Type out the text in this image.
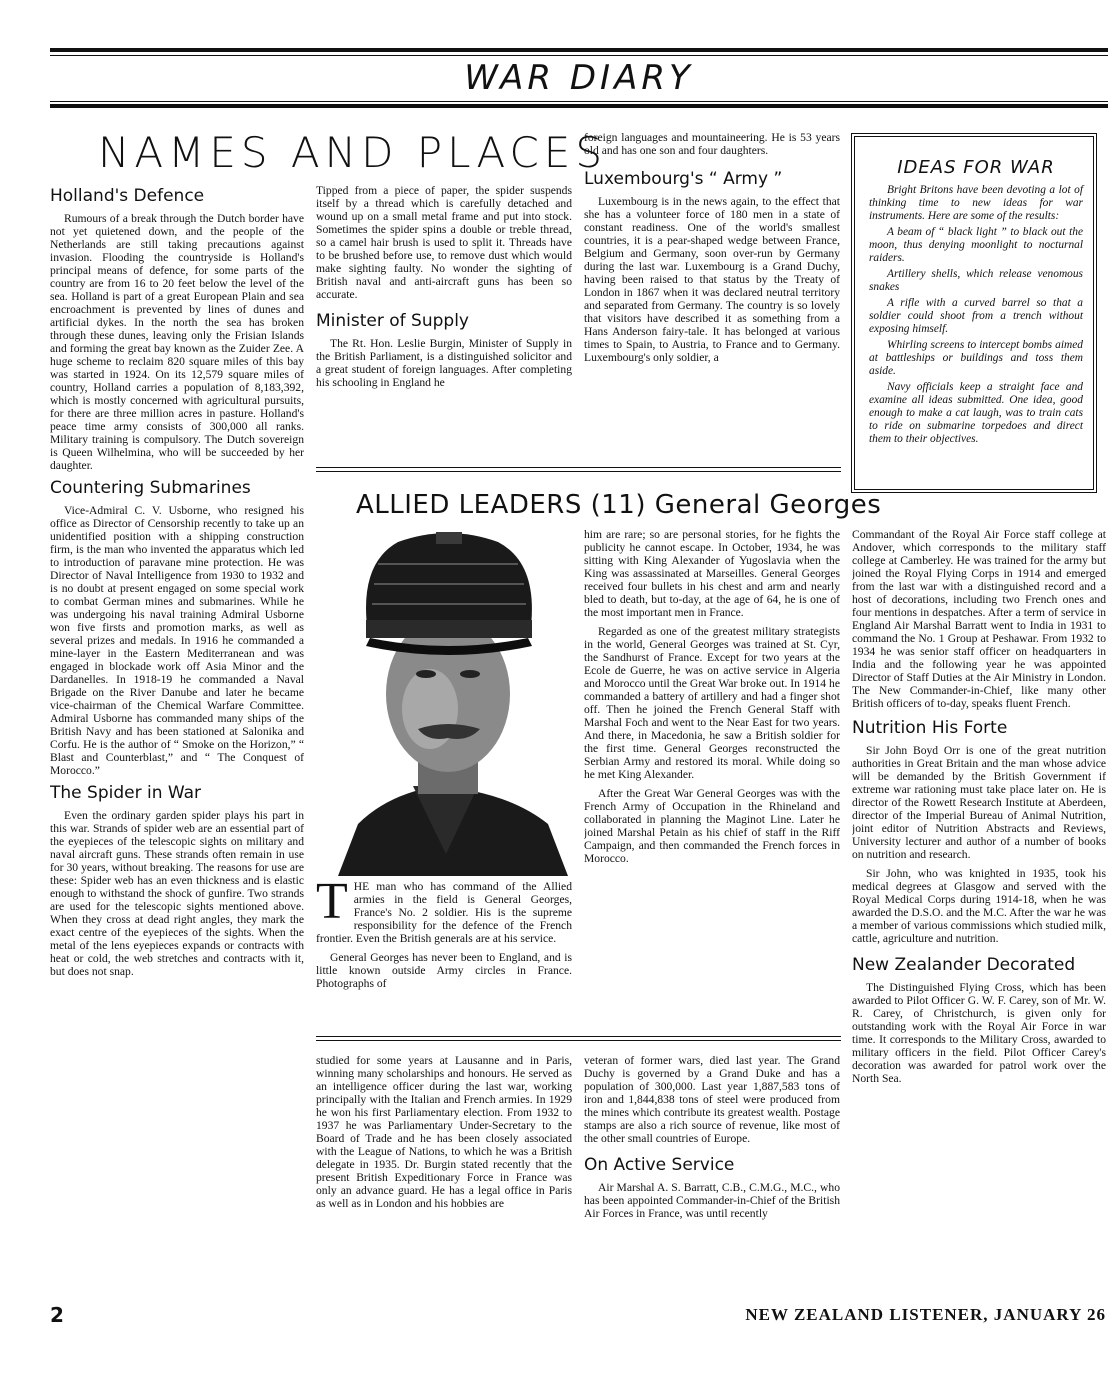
WAR DIARY
NAMES AND PLACES
Holland's Defence

Rumours of a break through the Dutch border have not yet quietened down, and the people of the Netherlands are still taking precautions against invasion. Flooding the countryside is Holland's principal means of defence, for some parts of the country are from 16 to 20 feet below the level of the sea. Holland is part of a great European Plain and sea encroachment is prevented by lines of dunes and artificial dykes. In the north the sea has broken through these dunes, leaving only the Frisian Islands and forming the great bay known as the Zuider Zee. A huge scheme to reclaim 820 square miles of this bay was started in 1924. On its 12,579 square miles of country, Holland carries a population of 8,183,392, which is mostly concerned with agricultural pursuits, for there are three million acres in pasture. Holland's peace time army consists of 300,000 all ranks. Military training is compulsory. The Dutch sovereign is Queen Wilhelmina, who will be succeeded by her daughter.

Countering Submarines

Vice-Admiral C. V. Usborne, who resigned his office as Director of Censorship recently to take up an unidentified position with a shipping construction firm, is the man who invented the apparatus which led to introduction of paravane mine protection. He was Director of Naval Intelligence from 1930 to 1932 and is no doubt at present engaged on some special work to combat German mines and submarines. While he was undergoing his naval training Admiral Usborne won five firsts and promotion marks, as well as several prizes and medals. In 1916 he commanded a mine-layer in the Eastern Mediterranean and was engaged in blockade work off Asia Minor and the Dardanelles. In 1918-19 he commanded a Naval Brigade on the River Danube and later he became vice-chairman of the Chemical Warfare Committee. Admiral Usborne has commanded many ships of the British Navy and has been stationed at Salonika and Corfu. He is the author of “ Smoke on the Horizon,” “ Blast and Counterblast,” and “ The Conquest of Morocco.”

The Spider in War

Even the ordinary garden spider plays his part in this war. Strands of spider web are an essential part of the eyepieces of the telescopic sights on military and naval aircraft guns. These strands often remain in use for 30 years, without breaking. The reasons for use are these: Spider web has an even thickness and is elastic enough to withstand the shock of gunfire. Two strands are used for the telescopic sights mentioned above. When they cross at dead right angles, they mark the exact centre of the eyepieces of the sights. When the metal of the lens eyepieces expands or contracts with heat or cold, the web stretches and contracts with it, but does not snap.

Tipped from a piece of paper, the spider suspends itself by a thread which is carefully detached and wound up on a small metal frame and put into stock. Sometimes the spider spins a double or treble thread, so a camel hair brush is used to split it. Threads have to be brushed before use, to remove dust which would make sighting faulty. No wonder the sighting of British naval and anti-aircraft guns has been so accurate.

Minister of Supply

The Rt. Hon. Leslie Burgin, Minister of Supply in the British Parliament, is a distinguished solicitor and a great student of foreign languages. After completing his schooling in England he

foreign languages and mountaineering. He is 53 years old and has one son and four daughters.

Luxembourg's “ Army ”

Luxembourg is in the news again, to the effect that she has a volunteer force of 180 men in a state of constant readiness. One of the world's smallest countries, it is a pear-shaped wedge between France, Belgium and Germany, soon over-run by Germany during the last war. Luxembourg is a Grand Duchy, having been raised to that status by the Treaty of London in 1867 when it was declared neutral territory and separated from Germany. The country is so lovely that visitors have described it as something from a Hans Anderson fairy-tale. It has belonged at various times to Spain, to Austria, to France and to Germany. Luxembourg's only soldier, a

IDEAS FOR WAR

Bright Britons have been devoting a lot of thinking time to new ideas for war instruments. Here are some of the results:

A beam of “ black light ” to black out the moon, thus denying moonlight to nocturnal raiders.

Artillery shells, which release venomous snakes

A rifle with a curved barrel so that a soldier could shoot from a trench without exposing himself.

Whirling screens to intercept bombs aimed at battleships or buildings and toss them aside.

Navy officials keep a straight face and examine all ideas submitted. One idea, good enough to make a cat laugh, was to train cats to ride on submarine torpedoes and direct them to their objectives.

ALLIED LEADERS (11) General Georges

T HE man who has command of the Allied armies in the field is General Georges, France's No. 2 soldier. His is the supreme responsibility for the defence of the French frontier. Even the British generals are at his service.

General Georges has never been to England, and is little known outside Army circles in France. Photographs of

him are rare; so are personal stories, for he fights the publicity he cannot escape. In October, 1934, he was sitting with King Alexander of Yugoslavia when the King was assassinated at Marseilles. General Georges received four bullets in his chest and arm and nearly bled to death, but to-day, at the age of 64, he is one of the most important men in France.

Regarded as one of the greatest military strategists in the world, General Georges was trained at St. Cyr, the Sandhurst of France. Except for two years at the Ecole de Guerre, he was on active service in Algeria and Morocco until the Great War broke out. In 1914 he commanded a battery of artillery and had a finger shot off. Then he joined the French General Staff with Marshal Foch and went to the Near East for two years. And there, in Macedonia, he saw a British soldier for the first time. General Georges reconstructed the Serbian Army and restored its moral. While doing so he met King Alexander.

After the Great War General Georges was with the French Army of Occupation in the Rhineland and collaborated in planning the Maginot Line. Later he joined Marshal Petain as his chief of staff in the Riff Campaign, and then commanded the French forces in Morocco.

studied for some years at Lausanne and in Paris, winning many scholarships and honours. He served as an intelligence officer during the last war, working principally with the Italian and French armies. In 1929 he won his first Parliamentary election. From 1932 to 1937 he was Parliamentary Under-Secretary to the Board of Trade and he has been closely associated with the League of Nations, to which he was a British delegate in 1935. Dr. Burgin stated recently that the present British Expeditionary Force in France was only an advance guard. He has a legal office in Paris as well as in London and his hobbies are

veteran of former wars, died last year. The Grand Duchy is governed by a Grand Duke and has a population of 300,000. Last year 1,887,583 tons of iron and 1,844,838 tons of steel were produced from the mines which contribute its greatest wealth. Postage stamps are also a rich source of revenue, like most of the other small countries of Europe.

On Active Service

Air Marshal A. S. Barratt, C.B., C.M.G., M.C., who has been appointed Commander-in-Chief of the British Air Forces in France, was until recently

Commandant of the Royal Air Force staff college at Andover, which corresponds to the military staff college at Camberley. He was trained for the army but joined the Royal Flying Corps in 1914 and emerged from the last war with a distinguished record and a host of decorations, including two French ones and four mentions in despatches. After a term of service in England Air Marshal Barratt went to India in 1931 to command the No. 1 Group at Peshawar. From 1932 to 1934 he was senior staff officer on headquarters in India and the following year he was appointed Director of Staff Duties at the Air Ministry in London. The New Commander-in-Chief, like many other British officers of to-day, speaks fluent French.

Nutrition His Forte

Sir John Boyd Orr is one of the great nutrition authorities in Great Britain and the man whose advice will be demanded by the British Government if extreme war rationing must take place later on. He is director of the Rowett Research Institute at Aberdeen, director of the Imperial Bureau of Animal Nutrition, joint editor of Nutrition Abstracts and Reviews, University lecturer and author of a number of books on nutrition and research.

Sir John, who was knighted in 1935, took his medical degrees at Glasgow and served with the Royal Medical Corps during 1914-18, when he was awarded the D.S.O. and the M.C. After the war he was a member of various commissions which studied milk, cattle, agriculture and nutrition.

New Zealander Decorated

The Distinguished Flying Cross, which has been awarded to Pilot Officer G. W. F. Carey, son of Mr. W. R. Carey, of Christchurch, is given only for outstanding work with the Royal Air Force in war time. It corresponds to the Military Cross, awarded to military officers in the field. Pilot Officer Carey's decoration was awarded for patrol work over the North Sea.

2	NEW ZEALAND LISTENER, JANUARY 26
